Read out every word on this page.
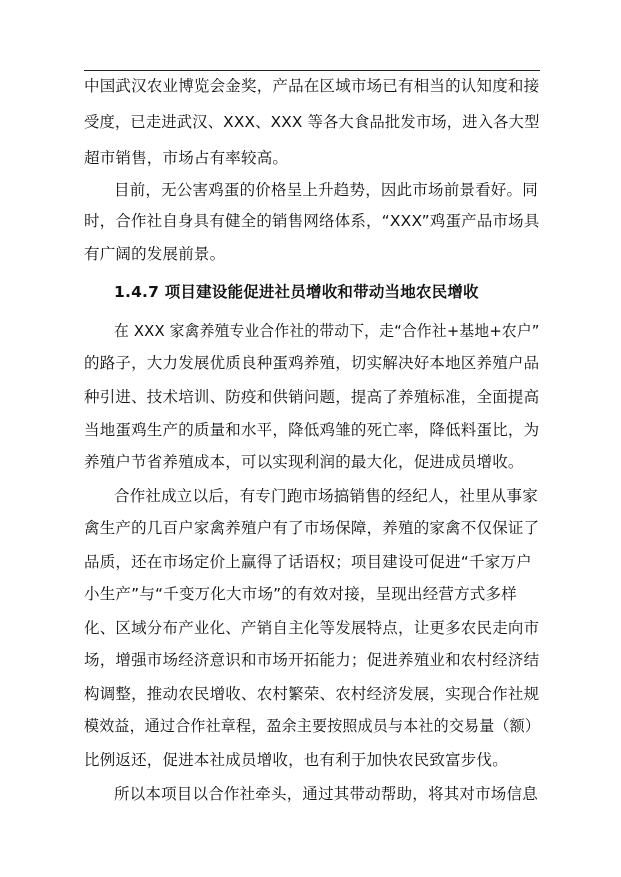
中国武汉农业博览会金奖，产品在区域市场已有相当的认知度和接
受度，已走进武汉、XXX、XXX 等各大食品批发市场，进入各大型
超市销售，市场占有率较高。
目前，无公害鸡蛋的价格呈上升趋势，因此市场前景看好。同
时，合作社自身具有健全的销售网络体系，“XXX”鸡蛋产品市场具
有广阔的发展前景。
1.4.7 项目建设能促进社员增收和带动当地农民增收
在 XXX 家禽养殖专业合作社的带动下，走“合作社+基地+农户”
的路子，大力发展优质良种蛋鸡养殖，切实解决好本地区养殖户品
种引进、技术培训、防疫和供销问题，提高了养殖标准，全面提高
当地蛋鸡生产的质量和水平，降低鸡雏的死亡率，降低料蛋比，为
养殖户节省养殖成本，可以实现利润的最大化，促进成员增收。
合作社成立以后，有专门跑市场搞销售的经纪人，社里从事家
禽生产的几百户家禽养殖户有了市场保障，养殖的家禽不仅保证了
品质，还在市场定价上赢得了话语权；项目建设可促进“千家万户
小生产”与“千变万化大市场”的有效对接，呈现出经营方式多样
化、区域分布产业化、产销自主化等发展特点，让更多农民走向市
场，增强市场经济意识和市场开拓能力；促进养殖业和农村经济结
构调整，推动农民增收、农村繁荣、农村经济发展，实现合作社规
模效益，通过合作社章程，盈余主要按照成员与本社的交易量（额）
比例返还，促进本社成员增收，也有利于加快农民致富步伐。
所以本项目以合作社牵头，通过其带动帮助，将其对市场信息
